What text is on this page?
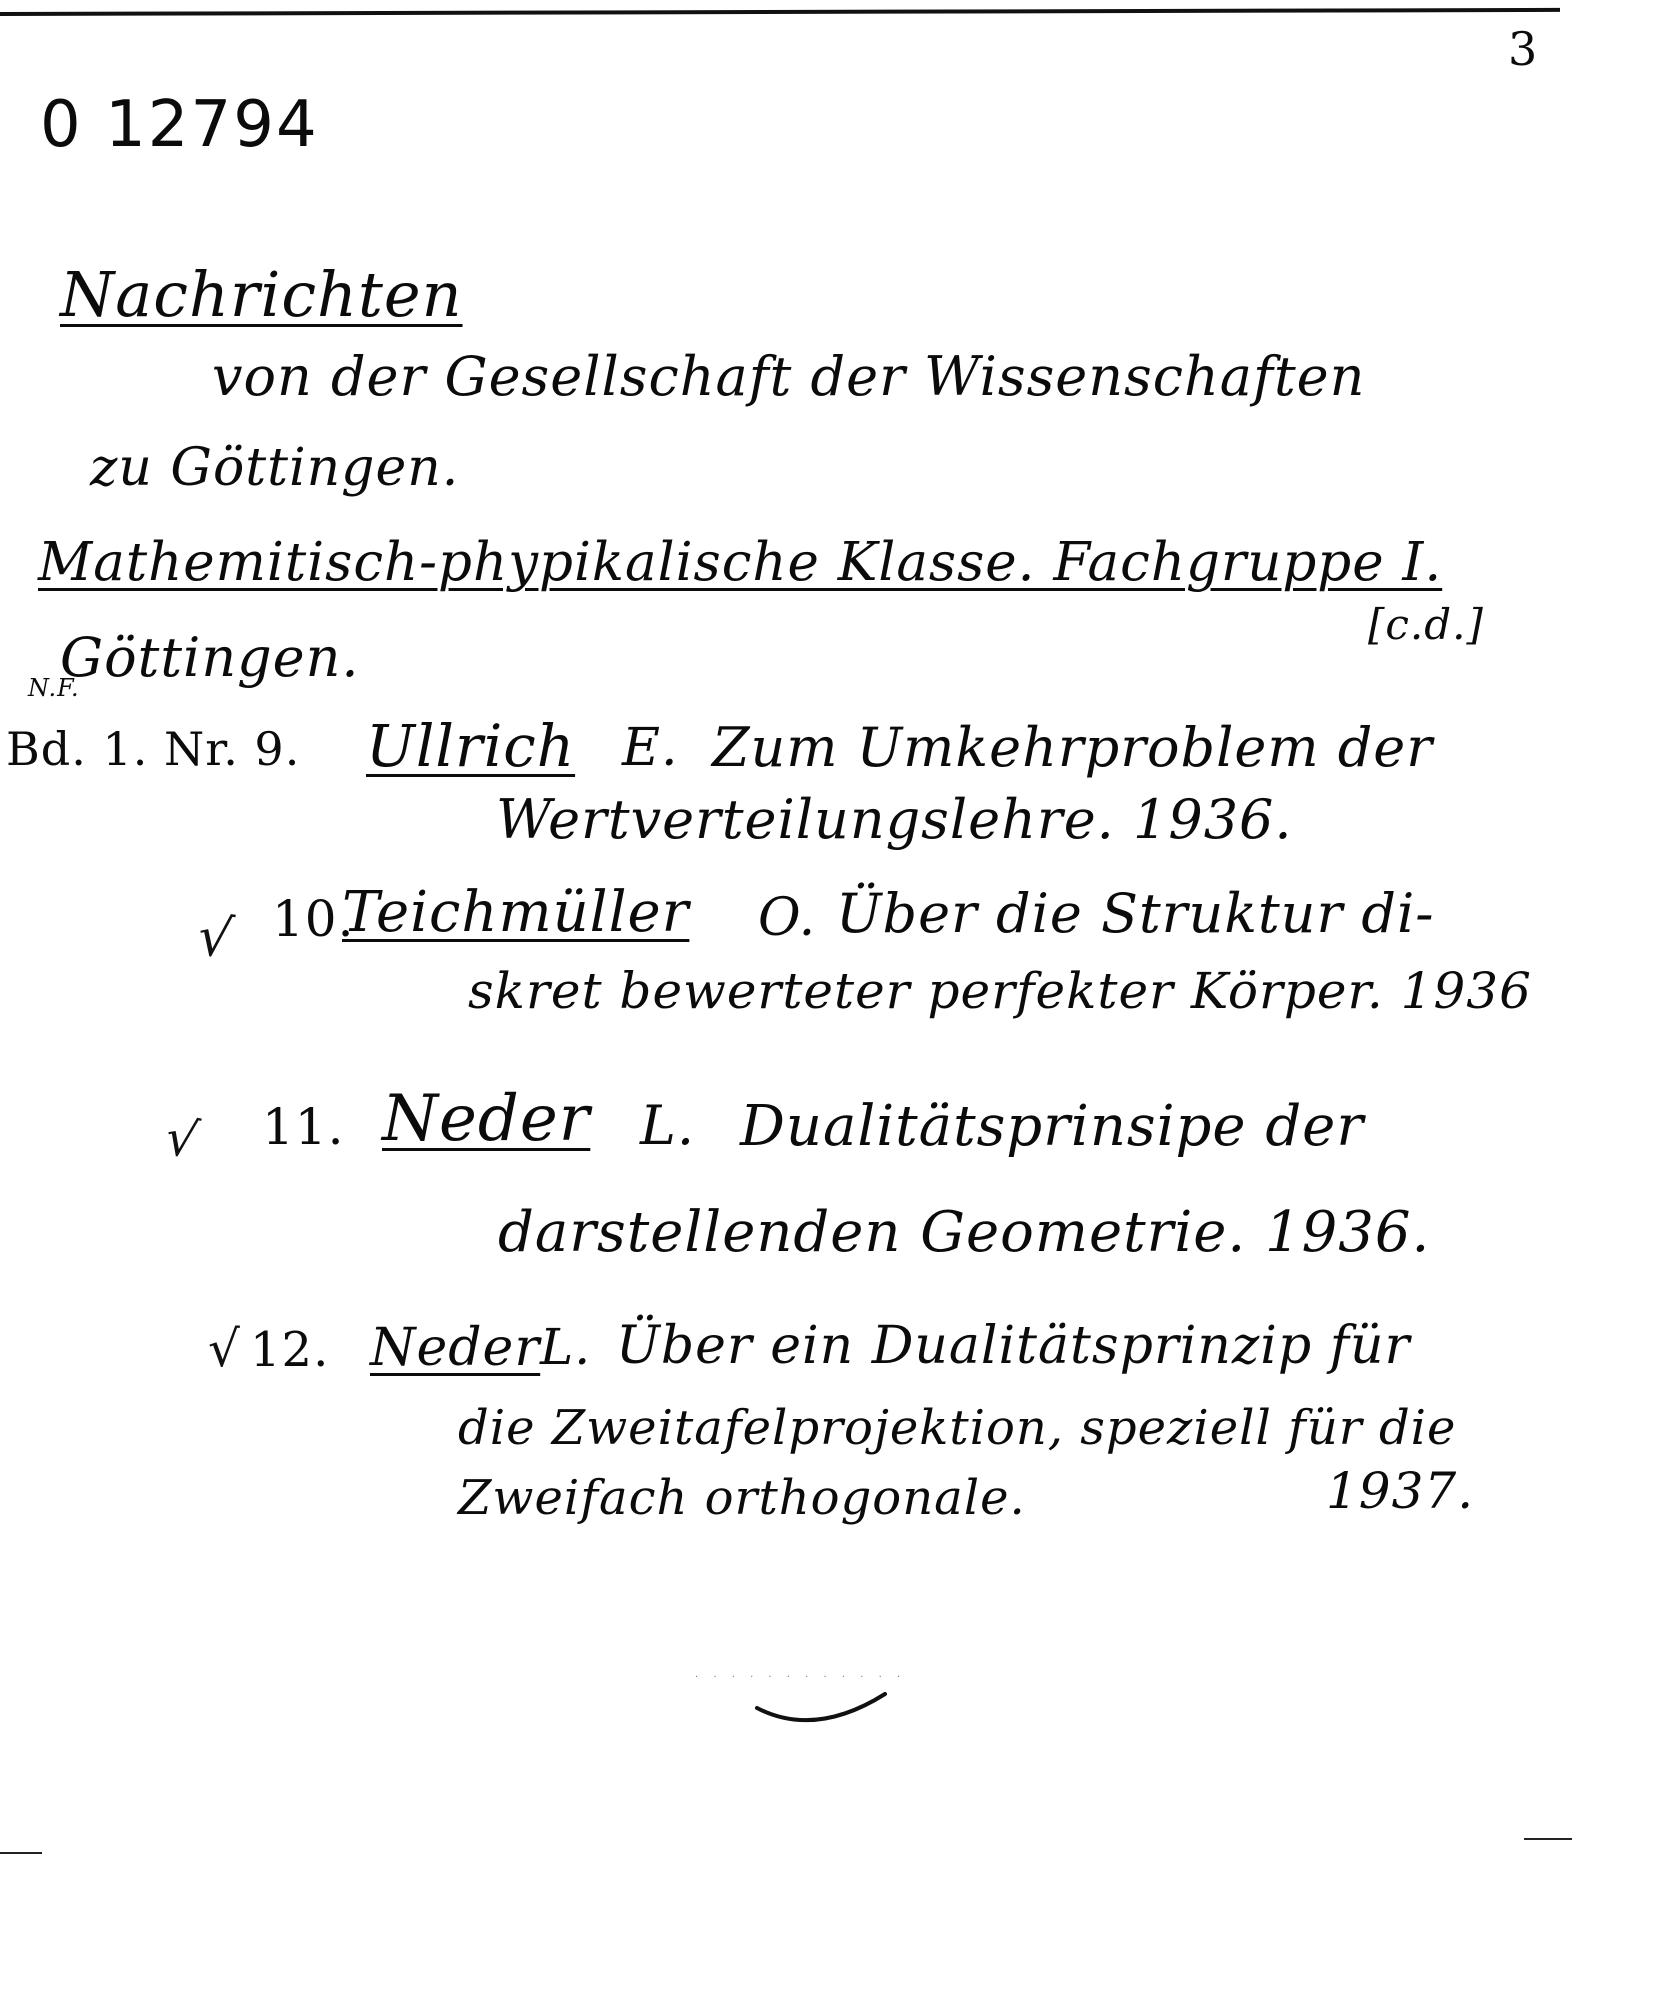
3
0 12794
Nachrichten
von der Gesellschaft der Wissenschaften
zu Göttingen.
Mathemitisch-phypikalische Klasse. Fachgruppe I.
[c.d.]
N.F.
Göttingen.
Bd. 1. Nr. 9. Ullrich E. Zum Umkehrproblem der
Wertverteilungslehre. 1936.
√ 10.
Teichmüller O. Über die Struktur di-
skret bewerteter perfekter Körper. 1936
√ 11. Neder L. Dualitätsprinsipe der
darstellenden Geometrie. 1936.
√ 12. Neder L. Über ein Dualitätsprinzip für
die Zweitafelprojektion, speziell für die
Zweifach orthogonale.	1937.
· · · · · · · · · · · ·
